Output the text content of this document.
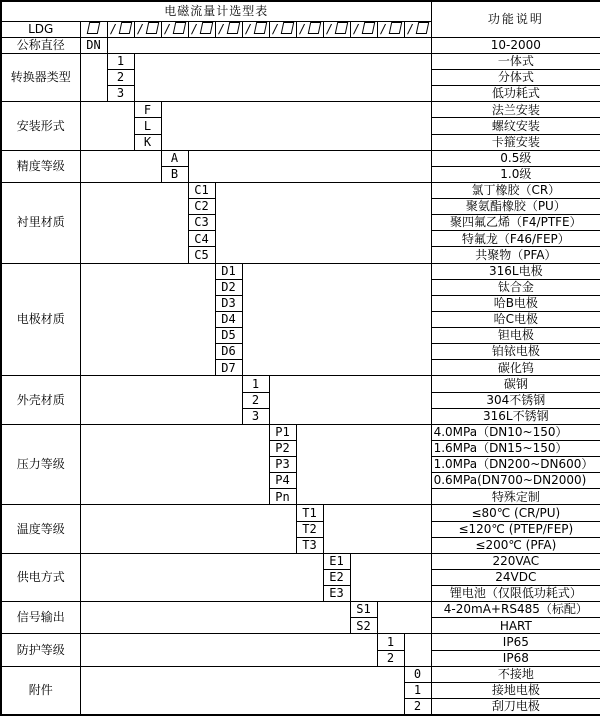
电磁流量计选型表														功能说明
LDG		/	/	/	/	/	/	/	/	/	/	/	/	
公称直径	DN													10-2000
转换器类型		1												一体式
		2												分体式
		3												低功耗式
安装形式			F											法兰安装
			L											螺纹安装
			K											卡箍安装
精度等级				A										0.5级
				B										1.0级
衬里材质					C1									氯丁橡胶（CR）
					C2									聚氨酯橡胶（PU）
					C3									聚四氟乙烯（F4/PTFE）
					C4									特氟龙（F46/FEP）
					C5									共聚物（PFA）
电极材质						D1								316L电极
						D2								钛合金
						D3								哈B电极
						D4								哈C电极
						D5								钽电极
						D6								铂铱电极
						D7								碳化钨
外壳材质							1							碳钢
							2							304不锈钢
							3							316L不锈钢
压力等级								P1						4.0MPa（DN10~150）
								P2						1.6MPa（DN15~150）
								P3						1.0MPa（DN200~DN600）
								P4						0.6MPa(DN700~DN2000)
								Pn						特殊定制
温度等级									T1					≤80℃ (CR/PU)
									T2					≤120℃ (PTEP/FEP)
									T3					≤200℃ (PFA)
供电方式										E1				220VAC
										E2				24VDC
										E3				锂电池（仅限低功耗式）
信号输出											S1			4-20mA+RS485（标配）
											S2			HART
防护等级												1		IP65
												2		IP68
附件													0	不接地
													1	接地电极
													2	刮刀电极
